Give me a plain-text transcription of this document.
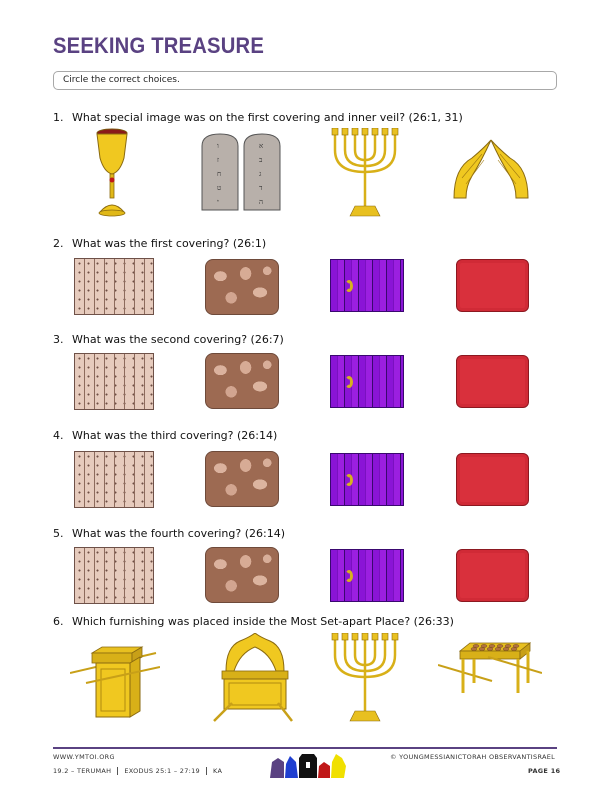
SEEKING TREASURE
Circle the correct choices.
1. What special image was on the first covering and inner veil? (26:1, 31)
ו
ז
ח
ט
י
א
ב
ג
ד
ה
2. What was the first covering? (26:1)
3. What was the second covering? (26:7)
4. What was the third covering? (26:14)
5. What was the fourth covering? (26:14)
6. Which furnishing was placed inside the Most Set-apart Place? (26:33)
WWW.YMTOI.ORG
19.2 – TERUMAH EXODUS 25:1 – 27:19 KA
© YOUNGMESSIANICTORAH OBSERVANTISRAEL
PAGE 16
